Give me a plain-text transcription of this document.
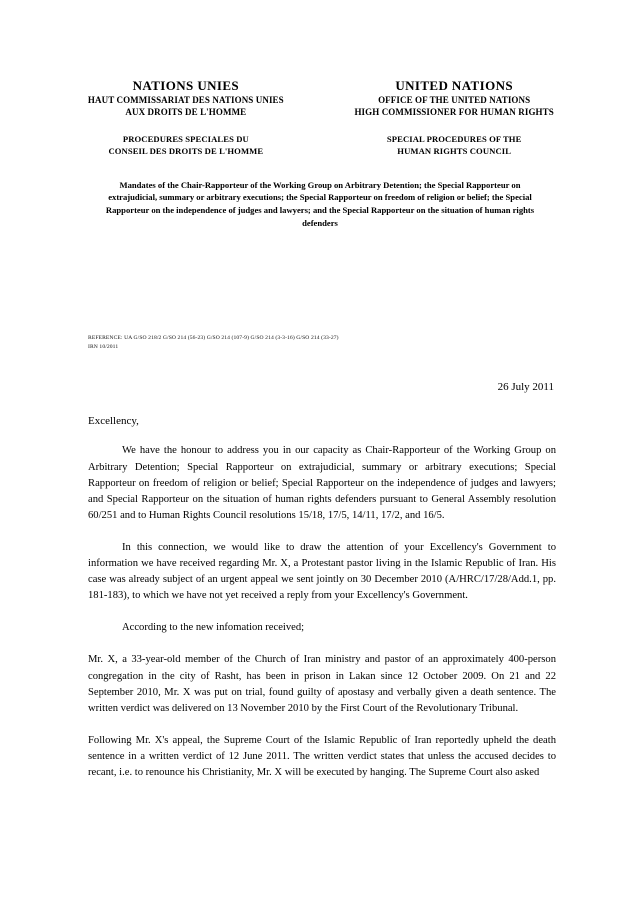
NATIONS UNIES
HAUT COMMISSARIAT DES NATIONS UNIES
AUX DROITS DE L'HOMME
PROCEDURES SPECIALES DU
CONSEIL DES DROITS DE L'HOMME
UNITED NATIONS
OFFICE OF THE UNITED NATIONS
HIGH COMMISSIONER FOR HUMAN RIGHTS
SPECIAL PROCEDURES OF THE
HUMAN RIGHTS COUNCIL
Mandates of the Chair-Rapporteur of the Working Group on Arbitrary Detention; the Special Rapporteur on extrajudicial, summary or arbitrary executions; the Special Rapporteur on freedom of religion or belief; the Special Rapporteur on the independence of judges and lawyers; and the Special Rapporteur on the situation of human rights defenders
REFERENCE: UA G/SO 218/2 G/SO 214 (56-23) G/SO 214 (107-9) G/SO 214 (3-3-16) G/SO 214 (33-27)
IRN 10/2011
26 July 2011
Excellency,
We have the honour to address you in our capacity as Chair-Rapporteur of the Working Group on Arbitrary Detention; Special Rapporteur on extrajudicial, summary or arbitrary executions; Special Rapporteur on freedom of religion or belief; Special Rapporteur on the independence of judges and lawyers; and Special Rapporteur on the situation of human rights defenders pursuant to General Assembly resolution 60/251 and to Human Rights Council resolutions 15/18, 17/5, 14/11, 17/2, and 16/5.
In this connection, we would like to draw the attention of your Excellency's Government to information we have received regarding Mr. X, a Protestant pastor living in the Islamic Republic of Iran. His case was already subject of an urgent appeal we sent jointly on 30 December 2010 (A/HRC/17/28/Add.1, pp. 181-183), to which we have not yet received a reply from your Excellency's Government.
According to the new infomation received;
Mr. X, a 33-year-old member of the Church of Iran ministry and pastor of an approximately 400-person congregation in the city of Rasht, has been in prison in Lakan since 12 October 2009. On 21 and 22 September 2010, Mr. X was put on trial, found guilty of apostasy and verbally given a death sentence. The written verdict was delivered on 13 November 2010 by the First Court of the Revolutionary Tribunal.
Following Mr. X's appeal, the Supreme Court of the Islamic Republic of Iran reportedly upheld the death sentence in a written verdict of 12 June 2011. The written verdict states that unless the accused decides to recant, i.e. to renounce his Christianity, Mr. X will be executed by hanging. The Supreme Court also asked
